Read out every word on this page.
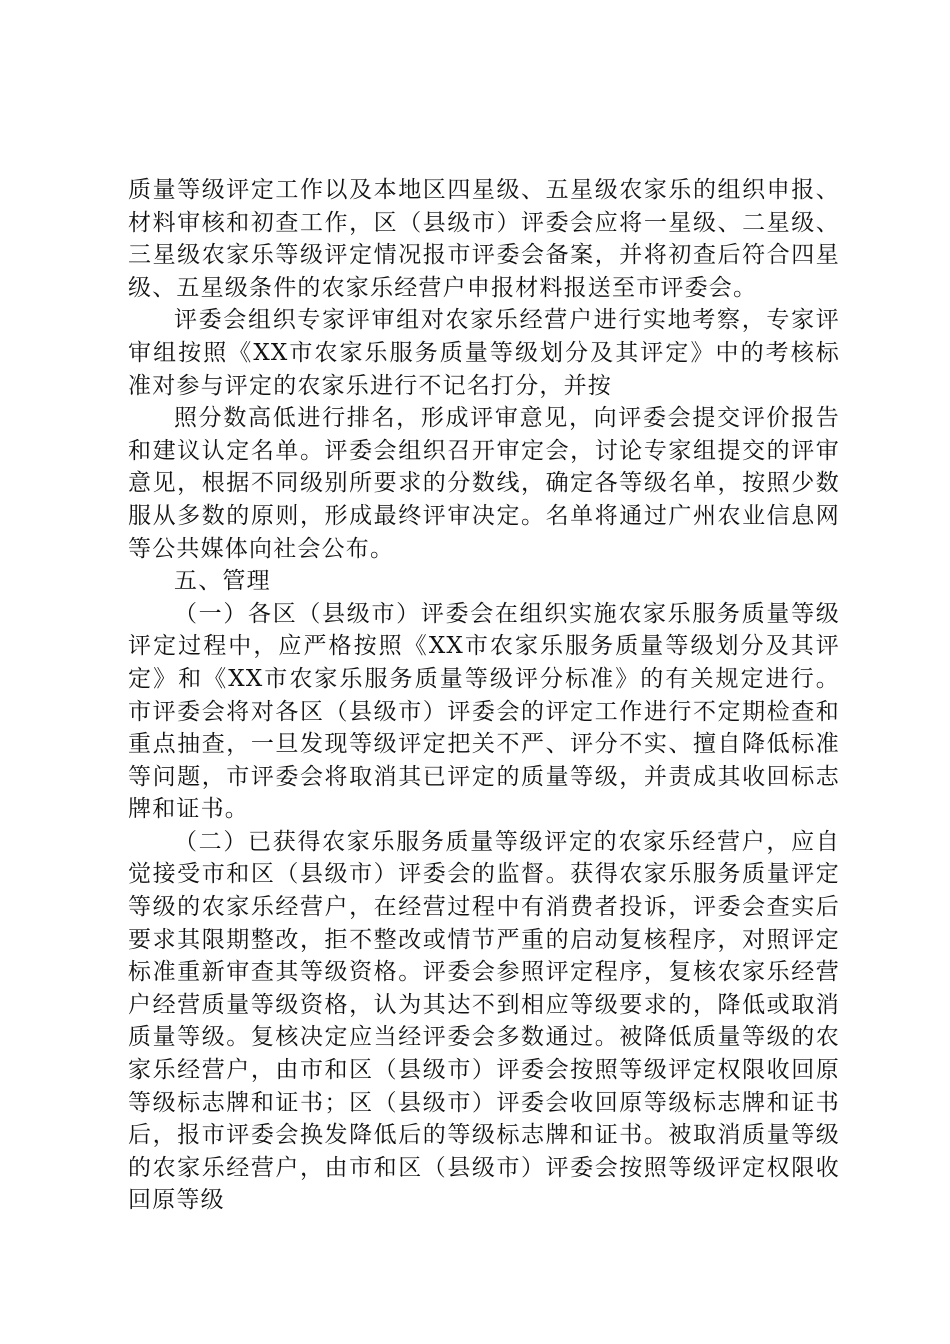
质量等级评定工作以及本地区四星级、五星级农家乐的组织申报、材料审核和初查工作，区（县级市）评委会应将一星级、二星级、三星级农家乐等级评定情况报市评委会备案，并将初查后符合四星级、五星级条件的农家乐经营户申报材料报送至市评委会。

评委会组织专家评审组对农家乐经营户进行实地考察，专家评审组按照《XX市农家乐服务质量等级划分及其评定》中的考核标准对参与评定的农家乐进行不记名打分，并按

照分数高低进行排名，形成评审意见，向评委会提交评价报告和建议认定名单。评委会组织召开审定会，讨论专家组提交的评审意见，根据不同级别所要求的分数线，确定各等级名单，按照少数服从多数的原则，形成最终评审决定。名单将通过广州农业信息网等公共媒体向社会公布。

五、管理

（一）各区（县级市）评委会在组织实施农家乐服务质量等级评定过程中，应严格按照《XX市农家乐服务质量等级划分及其评定》和《XX市农家乐服务质量等级评分标准》的有关规定进行。市评委会将对各区（县级市）评委会的评定工作进行不定期检查和重点抽查，一旦发现等级评定把关不严、评分不实、擅自降低标准等问题，市评委会将取消其已评定的质量等级，并责成其收回标志牌和证书。

（二）已获得农家乐服务质量等级评定的农家乐经营户，应自觉接受市和区（县级市）评委会的监督。获得农家乐服务质量评定等级的农家乐经营户，在经营过程中有消费者投诉，评委会查实后要求其限期整改，拒不整改或情节严重的启动复核程序，对照评定标准重新审查其等级资格。评委会参照评定程序，复核农家乐经营户经营质量等级资格，认为其达不到相应等级要求的，降低或取消质量等级。复核决定应当经评委会多数通过。被降低质量等级的农家乐经营户，由市和区（县级市）评委会按照等级评定权限收回原等级标志牌和证书；区（县级市）评委会收回原等级标志牌和证书后，报市评委会换发降低后的等级标志牌和证书。被取消质量等级的农家乐经营户，由市和区（县级市）评委会按照等级评定权限收回原等级
